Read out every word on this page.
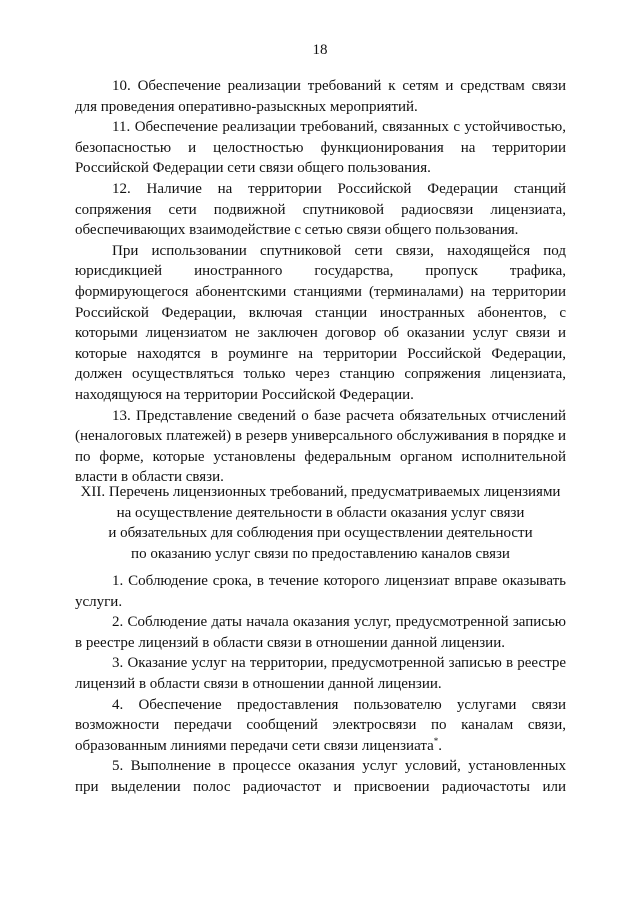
18

10. Обеспечение реализации требований к сетям и средствам связи для проведения оперативно-разыскных мероприятий.

11. Обеспечение реализации требований, связанных с устойчивостью, безопасностью и целостностью функционирования на территории Российской Федерации сети связи общего пользования.

12. Наличие на территории Российской Федерации станций сопряжения сети подвижной спутниковой радиосвязи лицензиата, обеспечивающих взаимодействие с сетью связи общего пользования.

При использовании спутниковой сети связи, находящейся под юрисдикцией иностранного государства, пропуск трафика, формирующегося абонентскими станциями (терминалами) на территории Российской Федерации, включая станции иностранных абонентов, с которыми лицензиатом не заключен договор об оказании услуг связи и которые находятся в роуминге на территории Российской Федерации, должен осуществляться только через станцию сопряжения лицензиата, находящуюся на территории Российской Федерации.

13. Представление сведений о базе расчета обязательных отчислений (неналоговых платежей) в резерв универсального обслуживания в порядке и по форме, которые установлены федеральным органом исполнительной власти в области связи.

XII. Перечень лицензионных требований, предусматриваемых лицензиями
на осуществление деятельности в области оказания услуг связи
и обязательных для соблюдения при осуществлении деятельности
по оказанию услуг связи по предоставлению каналов связи

1. Соблюдение срока, в течение которого лицензиат вправе оказывать услуги.

2. Соблюдение даты начала оказания услуг, предусмотренной записью в реестре лицензий в области связи в отношении данной лицензии.

3. Оказание услуг на территории, предусмотренной записью в реестре лицензий в области связи в отношении данной лицензии.

4. Обеспечение предоставления пользователю услугами связи возможности передачи сообщений электросвязи по каналам связи, образованным линиями передачи сети связи лицензиата*.

5. Выполнение в процессе оказания услуг условий, установленных при выделении полос радиочастот и присвоении радиочастоты или
